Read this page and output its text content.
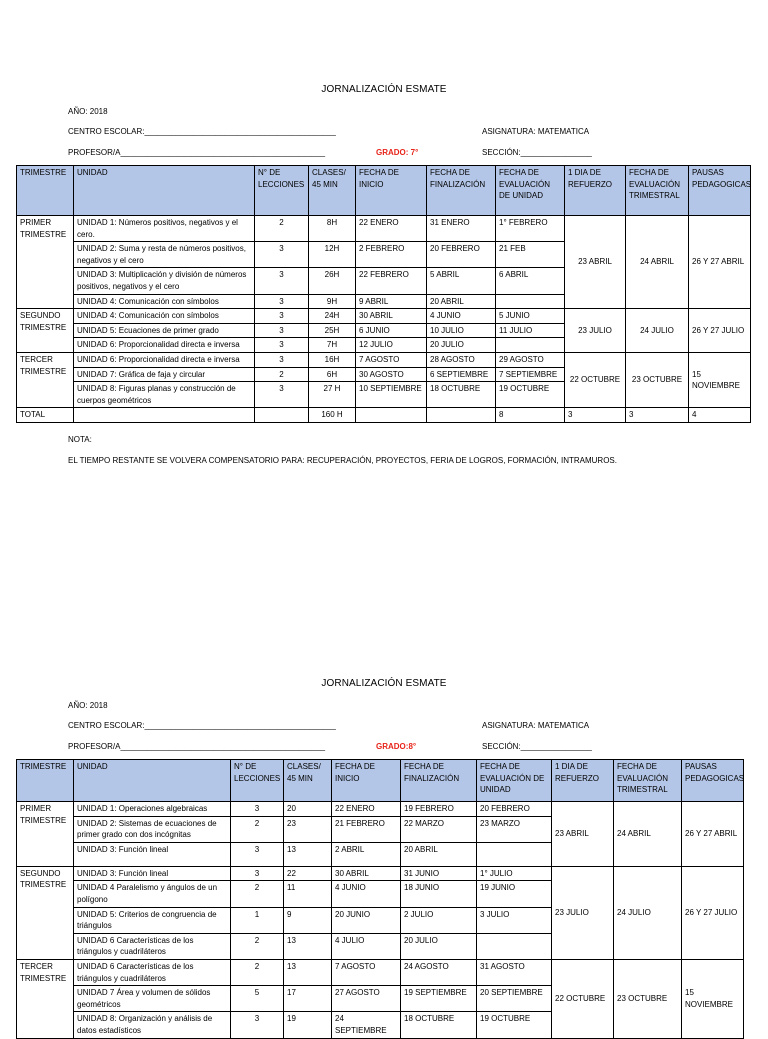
JORNALIZACIÓN ESMATE
AÑO: 2018
CENTRO ESCOLAR:___________________________________________	ASIGNATURA: MATEMATICA
PROFESOR/A______________________________________________	GRADO: 7°	SECCIÓN:________________
TRIMESTRE	UNIDAD	N° DE LECCIONES	CLASES/ 45 MIN	FECHA DE INICIO	FECHA DE FINALIZACIÓN	FECHA DE EVALUACIÓN DE UNIDAD	1 DIA DE REFUERZO	FECHA DE EVALUACIÓN TRIMESTRAL	PAUSAS PEDAGOGICAS
PRIMER TRIMESTRE	UNIDAD 1: Números positivos, negativos y el cero.	2	8H	22 ENERO	31 ENERO	1° FEBRERO	23 ABRIL	24 ABRIL	26 Y 27 ABRIL
	UNIDAD 2: Suma y resta de números positivos, negativos y el cero	3	12H	2 FEBRERO	20 FEBRERO	21 FEB			
	UNIDAD 3: Multiplicación y división de números positivos, negativos y el cero	3	26H	22 FEBRERO	5 ABRIL	6 ABRIL			
	UNIDAD 4: Comunicación con símbolos	3	9H	9 ABRIL	20 ABRIL				
SEGUNDO TRIMESTRE	UNIDAD 4: Comunicación con símbolos	3	24H	30 ABRIL	4 JUNIO	5 JUNIO	23 JULIO	24 JULIO	26 Y 27 JULIO
	UNIDAD 5: Ecuaciones de primer grado	3	25H	6 JUNIO	10 JULIO	11 JULIO			
	UNIDAD 6: Proporcionalidad directa e inversa	3	7H	12 JULIO	20 JULIO				
TERCER TRIMESTRE	UNIDAD 6: Proporcionalidad directa e inversa	3	16H	7 AGOSTO	28 AGOSTO	29 AGOSTO	22 OCTUBRE	23 OCTUBRE	15 NOVIEMBRE
	UNIDAD 7: Gráfica de faja y circular	2	6H	30 AGOSTO	6 SEPTIEMBRE	7 SEPTIEMBRE			
	UNIDAD 8: Figuras planas y construcción de cuerpos geométricos	3	27 H	10 SEPTIEMBRE	18 OCTUBRE	19 OCTUBRE			
TOTAL			160 H			8	3	3	4
NOTA:
EL TIEMPO RESTANTE SE VOLVERA COMPENSATORIO PARA: RECUPERACIÓN, PROYECTOS, FERIA DE LOGROS, FORMACIÓN, INTRAMUROS.
JORNALIZACIÓN ESMATE
AÑO: 2018
CENTRO ESCOLAR:___________________________________________	ASIGNATURA: MATEMATICA
PROFESOR/A______________________________________________	GRADO:8°	SECCIÓN:________________
TRIMESTRE	UNIDAD	N° DE LECCIONES	CLASES/ 45 MIN	FECHA DE INICIO	FECHA DE FINALIZACIÓN	FECHA DE EVALUACIÓN DE UNIDAD	1 DIA DE REFUERZO	FECHA DE EVALUACIÓN TRIMESTRAL	PAUSAS PEDAGOGICAS
PRIMER TRIMESTRE	UNIDAD 1: Operaciones algebraicas	3	20	22 ENERO	19 FEBRERO	20 FEBRERO	23 ABRIL	24 ABRIL	26 Y 27 ABRIL
	UNIDAD 2: Sistemas de ecuaciones de primer grado con dos incógnitas	2	23	21 FEBRERO	22 MARZO	23 MARZO			
	UNIDAD 3: Función lineal	3	13	2 ABRIL	20 ABRIL				
SEGUNDO TRIMESTRE	UNIDAD 3: Función lineal	3	22	30 ABRIL	31 JUNIO	1° JULIO	23 JULIO	24 JULIO	26 Y 27 JULIO
	UNIDAD 4 Paralelismo y ángulos de un polígono	2	11	4 JUNIO	18 JUNIO	19 JUNIO			
	UNIDAD 5: Criterios de congruencia de triángulos	1	9	20 JUNIO	2 JULIO	3 JULIO			
	UNIDAD 6 Características de los triángulos y cuadriláteros	2	13	4 JULIO	20 JULIO				
TERCER TRIMESTRE	UNIDAD 6 Características de los triángulos y cuadriláteros	2	13	7 AGOSTO	24 AGOSTO	31 AGOSTO	22 OCTUBRE	23 OCTUBRE	15 NOVIEMBRE
	UNIDAD 7 Área y volumen de sólidos geométricos	5	17	27 AGOSTO	19 SEPTIEMBRE	20 SEPTIEMBRE			
	UNIDAD 8: Organización y análisis de datos estadísticos	3	19	24 SEPTIEMBRE	18 OCTUBRE	19 OCTUBRE			
